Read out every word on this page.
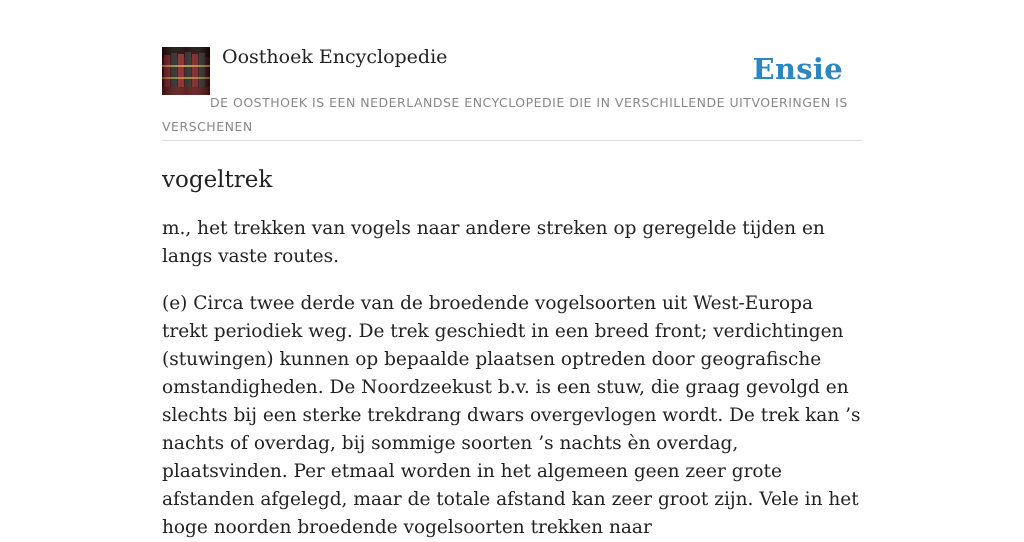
Oosthoek Encyclopedie	Ensie
DE OOSTHOEK IS EEN NEDERLANDSE ENCYCLOPEDIE DIE IN VERSCHILLENDE UITVOERINGEN IS VERSCHENEN
vogeltrek

m., het trekken van vogels naar andere streken op geregelde tijden en langs vaste routes.

(e) Circa twee derde van de broedende vogelsoorten uit West-Europa trekt periodiek weg. De trek geschiedt in een breed front; verdichtingen (stuwingen) kunnen op bepaalde plaatsen optreden door geografische omstandigheden. De Noordzeekust b.v. is een stuw, die graag gevolgd en slechts bij een sterke trekdrang dwars overgevlogen wordt. De trek kan ’s nachts of overdag, bij sommige soorten ’s nachts èn overdag, plaatsvinden. Per etmaal worden in het algemeen geen zeer grote afstanden afgelegd, maar de totale afstand kan zeer groot zijn. Vele in het hoge noorden broedende vogelsoorten trekken naar
